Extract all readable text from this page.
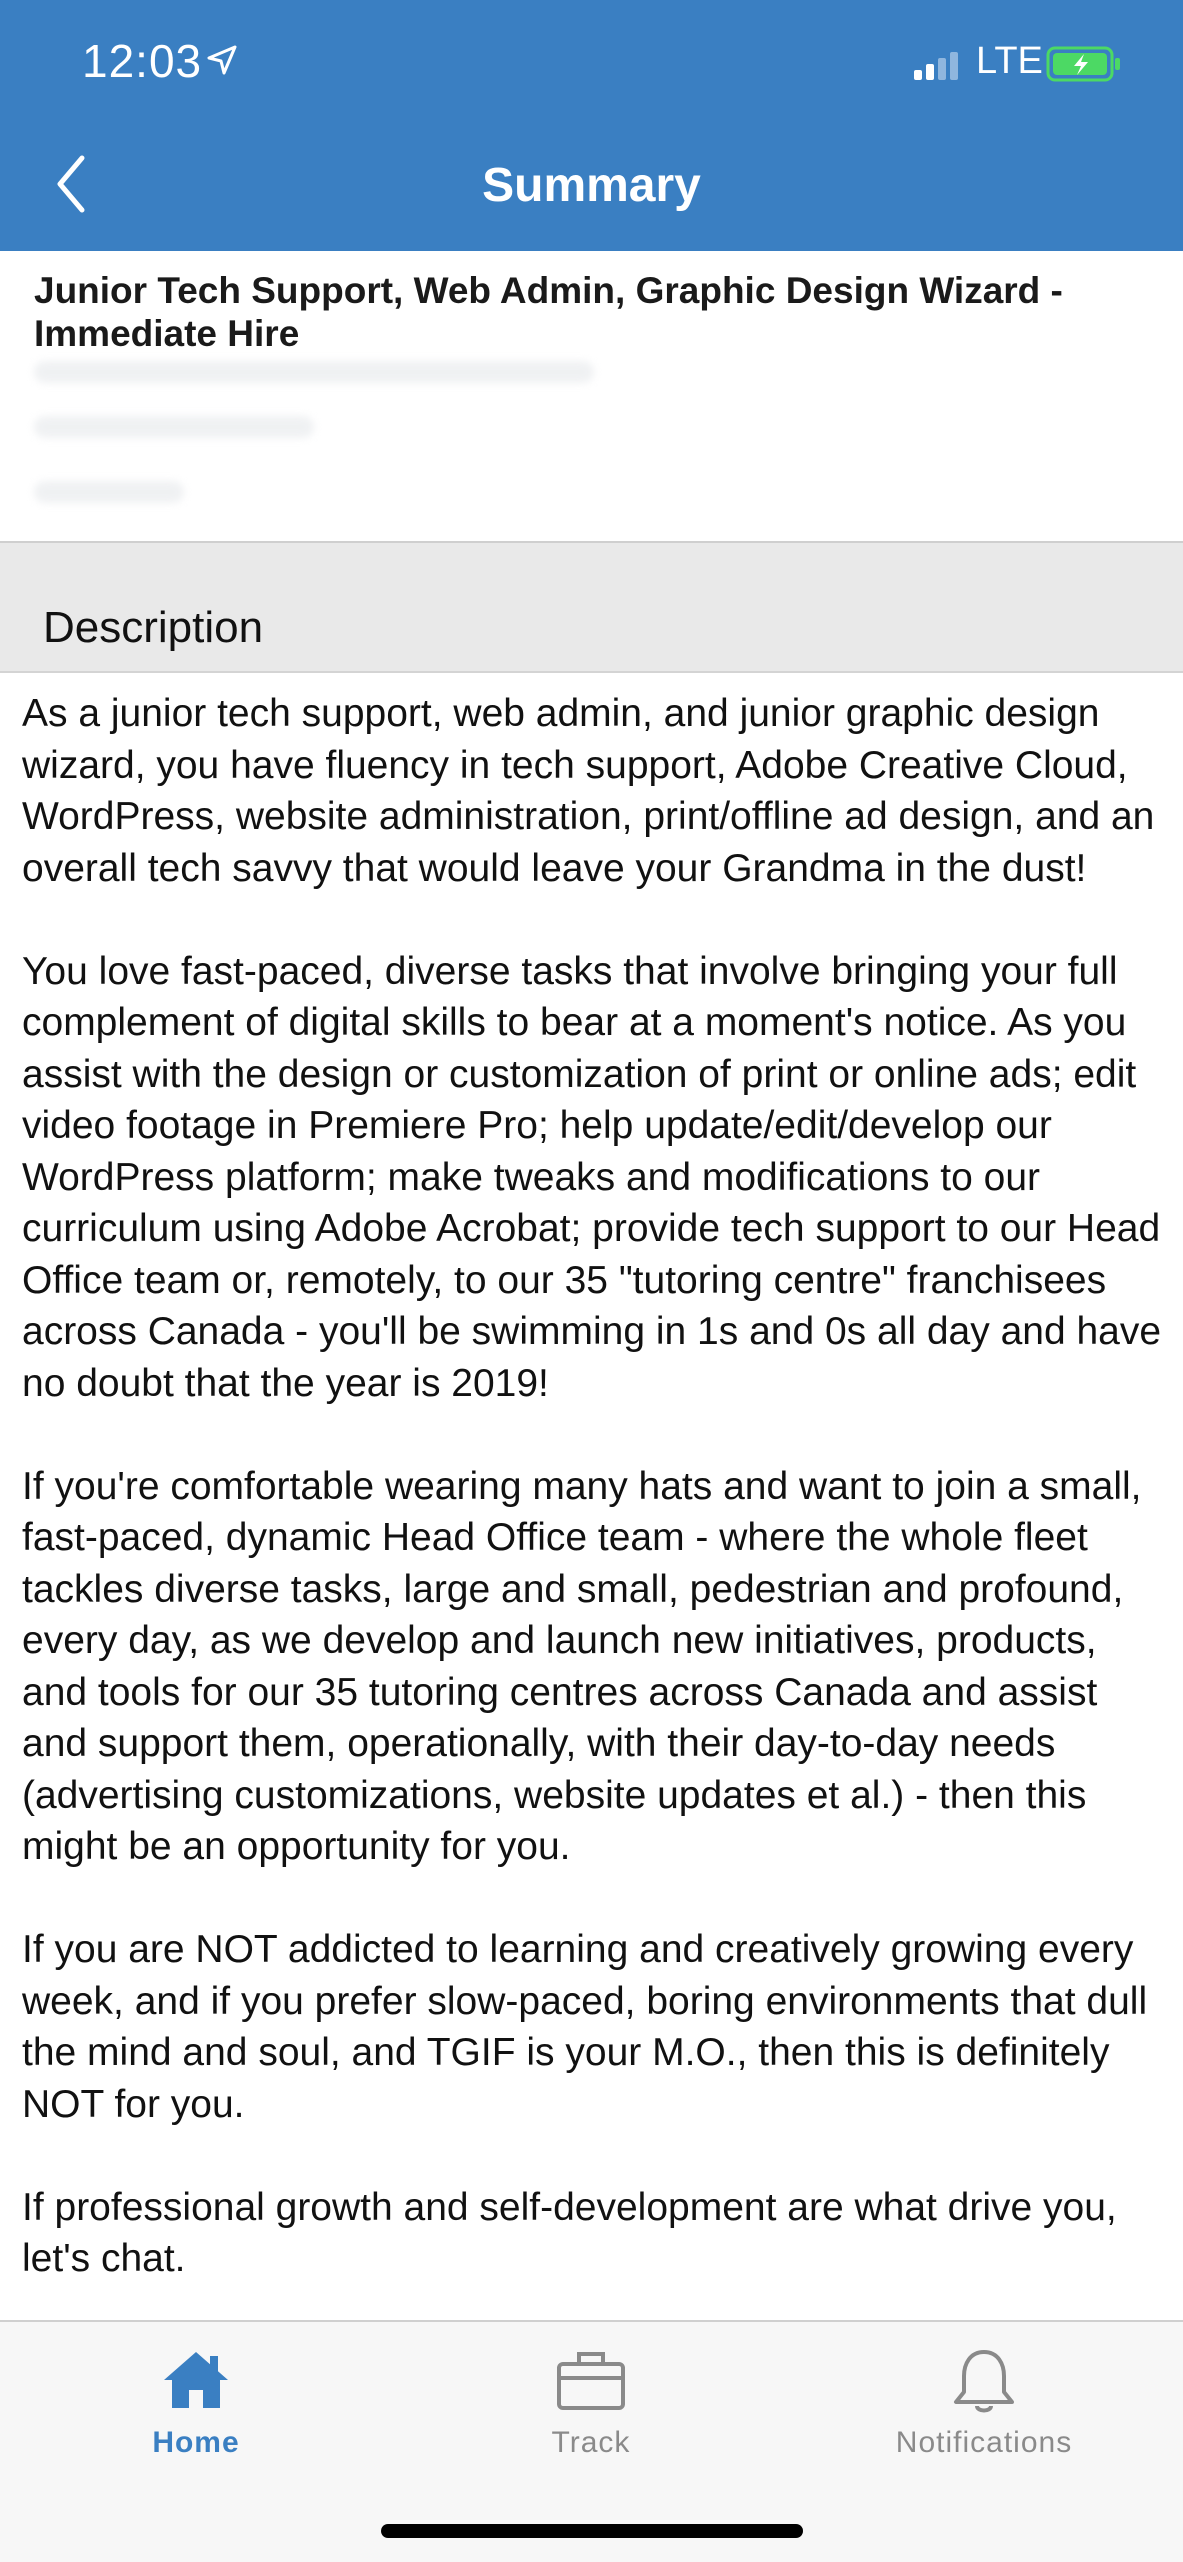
12:03	LTE
Summary
Junior Tech Support, Web Admin, Graphic Design Wizard - Immediate Hire
Description

As a junior tech support, web admin, and junior graphic design wizard, you have fluency in tech support, Adobe Creative Cloud, WordPress, website administration, print/offline ad design, and an overall tech savvy that would leave your Grandma in the dust!

You love fast-paced, diverse tasks that involve bringing your full complement of digital skills to bear at a moment's notice. As you assist with the design or customization of print or online ads; edit video footage in Premiere Pro; help update/edit/develop our WordPress platform; make tweaks and modifications to our curriculum using Adobe Acrobat; provide tech support to our Head Office team or, remotely, to our 35 "tutoring centre" franchisees across Canada - you'll be swimming in 1s and 0s all day and have no doubt that the year is 2019!

If you're comfortable wearing many hats and want to join a small, fast-paced, dynamic Head Office team - where the whole fleet tackles diverse tasks, large and small, pedestrian and profound, every day, as we develop and launch new initiatives, products, and tools for our 35 tutoring centres across Canada and assist and support them, operationally, with their day-to-day needs (advertising customizations, website updates et al.) - then this might be an opportunity for you.

If you are NOT addicted to learning and creatively growing every week, and if you prefer slow-paced, boring environments that dull the mind and soul, and TGIF is your M.O., then this is definitely NOT for you.

If professional growth and self-development are what drive you, let's chat.

Home	Track	Notifications
